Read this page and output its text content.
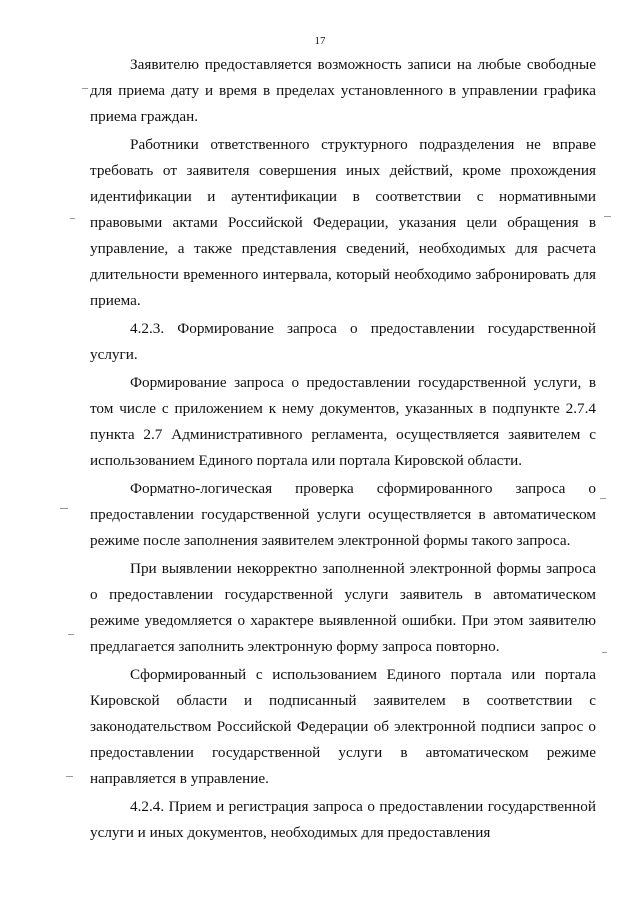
17

Заявителю предоставляется возможность записи на любые свободные для приема дату и время в пределах установленного в управлении графика приема граждан.

Работники ответственного структурного подразделения не вправе требовать от заявителя совершения иных действий, кроме прохождения идентификации и аутентификации в соответствии с нормативными правовыми актами Российской Федерации, указания цели обращения в управление, а также представления сведений, необходимых для расчета длительности временного интервала, который необходимо забронировать для приема.

4.2.3. Формирование запроса о предоставлении государственной услуги.

Формирование запроса о предоставлении государственной услуги, в том числе с приложением к нему документов, указанных в подпункте 2.7.4 пункта 2.7 Административного регламента, осуществляется заявителем с использованием Единого портала или портала Кировской области.

Форматно-логическая проверка сформированного запроса о предоставлении государственной услуги осуществляется в автоматическом режиме после заполнения заявителем электронной формы такого запроса.

При выявлении некорректно заполненной электронной формы запроса о предоставлении государственной услуги заявитель в автоматическом режиме уведомляется о характере выявленной ошибки. При этом заявителю предлагается заполнить электронную форму запроса повторно.

Сформированный с использованием Единого портала или портала Кировской области и подписанный заявителем в соответствии с законодательством Российской Федерации об электронной подписи запрос о предоставлении государственной услуги в автоматическом режиме направляется в управление.

4.2.4. Прием и регистрация запроса о предоставлении государственной услуги и иных документов, необходимых для предоставления
